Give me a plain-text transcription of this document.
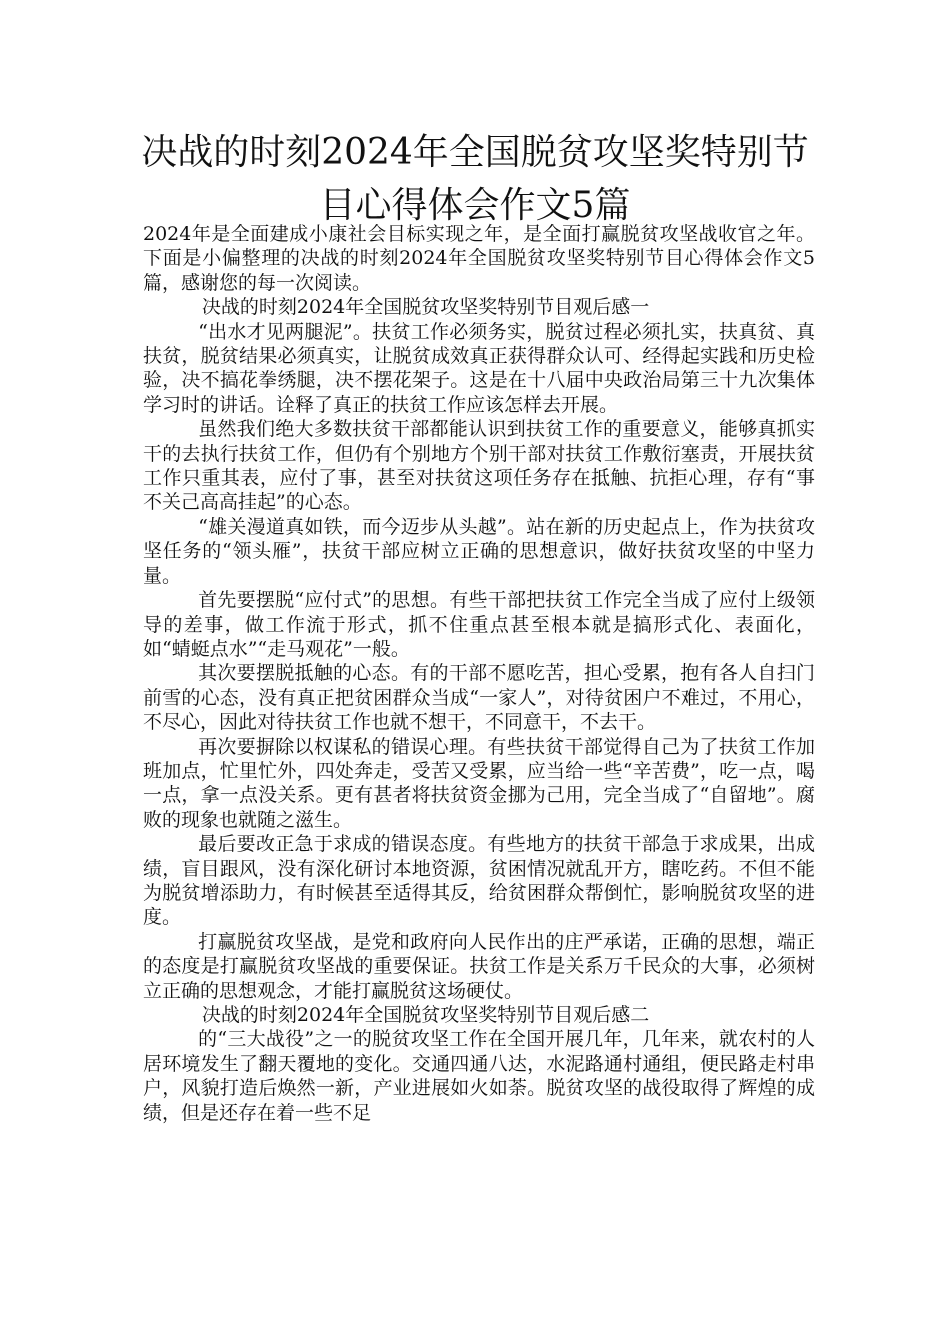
决战的时刻2024年全国脱贫攻坚奖特别节目心得体会作文5篇

2024年是全面建成小康社会目标实现之年，是全面打赢脱贫攻坚战收官之年。下面是小偏整理的决战的时刻2024年全国脱贫攻坚奖特别节目心得体会作文5篇，感谢您的每一次阅读。

决战的时刻2024年全国脱贫攻坚奖特别节目观后感一

“出水才见两腿泥”。扶贫工作必须务实，脱贫过程必须扎实，扶真贫、真扶贫，脱贫结果必须真实，让脱贫成效真正获得群众认可、经得起实践和历史检验，决不搞花拳绣腿，决不摆花架子。这是在十八届中央政治局第三十九次集体学习时的讲话。诠释了真正的扶贫工作应该怎样去开展。

虽然我们绝大多数扶贫干部都能认识到扶贫工作的重要意义，能够真抓实干的去执行扶贫工作，但仍有个别地方个别干部对扶贫工作敷衍塞责，开展扶贫工作只重其表，应付了事，甚至对扶贫这项任务存在抵触、抗拒心理，存有“事不关己高高挂起”的心态。

“雄关漫道真如铁，而今迈步从头越”。站在新的历史起点上，作为扶贫攻坚任务的“领头雁”，扶贫干部应树立正确的思想意识，做好扶贫攻坚的中坚力量。

首先要摆脱“应付式”的思想。有些干部把扶贫工作完全当成了应付上级领导的差事，做工作流于形式，抓不住重点甚至根本就是搞形式化、表面化，如“蜻蜓点水”“走马观花”一般。

其次要摆脱抵触的心态。有的干部不愿吃苦，担心受累，抱有各人自扫门前雪的心态，没有真正把贫困群众当成“一家人”，对待贫困户不难过，不用心，不尽心，因此对待扶贫工作也就不想干，不同意干，不去干。

再次要摒除以权谋私的错误心理。有些扶贫干部觉得自己为了扶贫工作加班加点，忙里忙外，四处奔走，受苦又受累，应当给一些“辛苦费”，吃一点，喝一点，拿一点没关系。更有甚者将扶贫资金挪为己用，完全当成了“自留地”。腐败的现象也就随之滋生。

最后要改正急于求成的错误态度。有些地方的扶贫干部急于求成果，出成绩，盲目跟风，没有深化研讨本地资源，贫困情况就乱开方，瞎吃药。不但不能为脱贫增添助力，有时候甚至适得其反，给贫困群众帮倒忙，影响脱贫攻坚的进度。

打赢脱贫攻坚战，是党和政府向人民作出的庄严承诺，正确的思想，端正的态度是打赢脱贫攻坚战的重要保证。扶贫工作是关系万千民众的大事，必须树立正确的思想观念，才能打赢脱贫这场硬仗。

决战的时刻2024年全国脱贫攻坚奖特别节目观后感二

的“三大战役”之一的脱贫攻坚工作在全国开展几年，几年来，就农村的人居环境发生了翻天覆地的变化。交通四通八达，水泥路通村通组，便民路走村串户，风貌打造后焕然一新，产业进展如火如荼。脱贫攻坚的战役取得了辉煌的成绩，但是还存在着一些不足
